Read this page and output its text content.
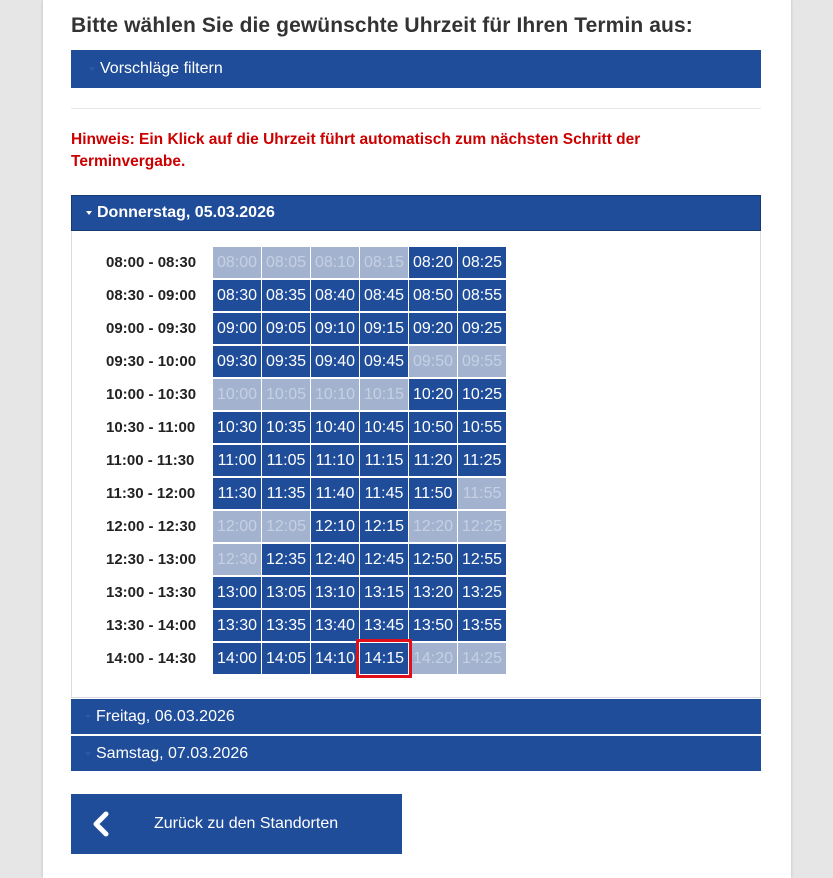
Bitte wählen Sie die gewünschte Uhrzeit für Ihren Termin aus:
Vorschläge filtern
Hinweis: Ein Klick auf die Uhrzeit führt automatisch zum nächsten Schritt der Terminvergabe.
Donnerstag, 05.03.2026
08:00 - 08:30	08:00 08:05 08:10 08:15 08:20 08:25
08:30 - 09:00	08:30 08:35 08:40 08:45 08:50 08:55
09:00 - 09:30	09:00 09:05 09:10 09:15 09:20 09:25
09:30 - 10:00	09:30 09:35 09:40 09:45 09:50 09:55
10:00 - 10:30	10:00 10:05 10:10 10:15 10:20 10:25
10:30 - 11:00	10:30 10:35 10:40 10:45 10:50 10:55
11:00 - 11:30	11:00 11:05 11:10 11:15 11:20 11:25
11:30 - 12:00	11:30 11:35 11:40 11:45 11:50 11:55
12:00 - 12:30	12:00 12:05 12:10 12:15 12:20 12:25
12:30 - 13:00	12:30 12:35 12:40 12:45 12:50 12:55
13:00 - 13:30	13:00 13:05 13:10 13:15 13:20 13:25
13:30 - 14:00	13:30 13:35 13:40 13:45 13:50 13:55
14:00 - 14:30	14:00 14:05 14:10 14:15 14:20 14:25
Freitag, 06.03.2026
Samstag, 07.03.2026
Zurück zu den Standorten
